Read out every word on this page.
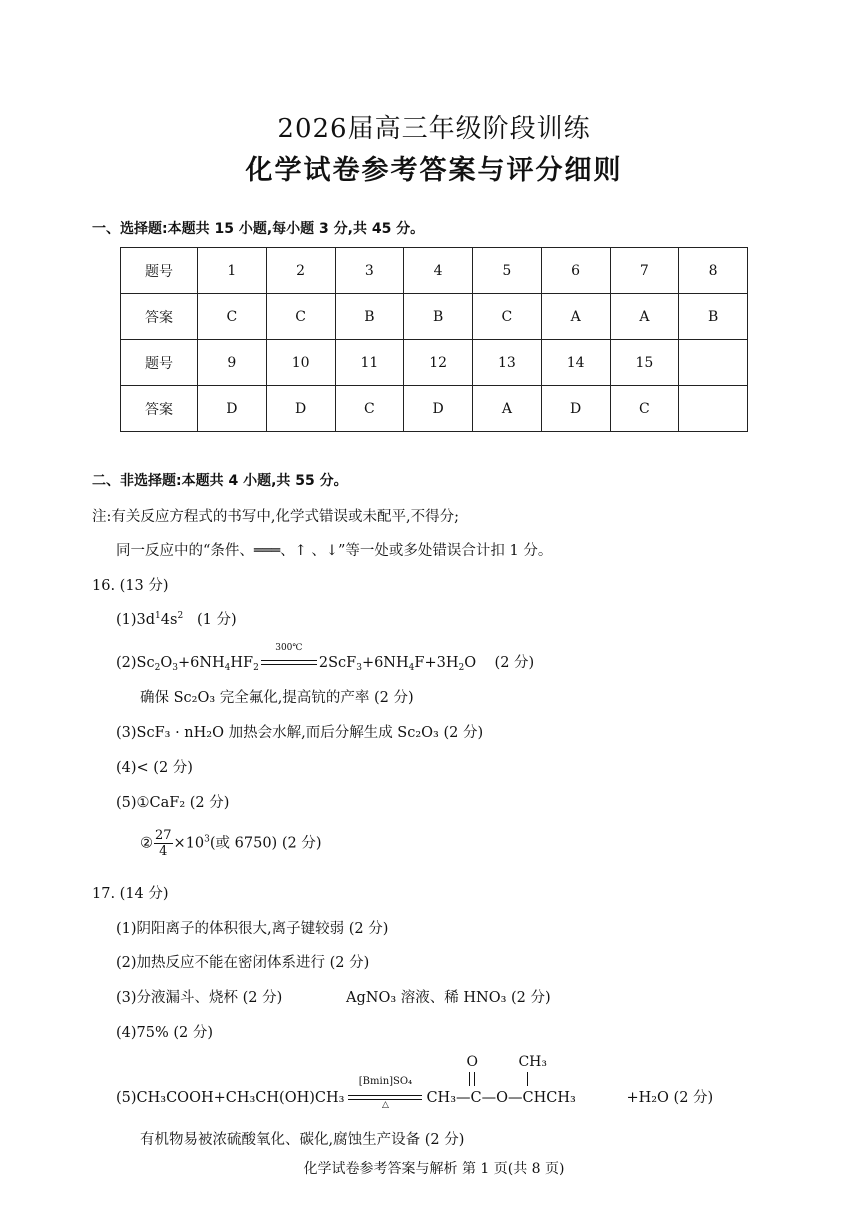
2026届高三年级阶段训练
化学试卷参考答案与评分细则
一、选择题:本题共 15 小题,每小题 3 分,共 45 分。
题号	1	2	3	4	5	6	7	8
答案	C	C	B	B	C	A	A	B
题号	9	10	11	12	13	14	15	
答案	D	D	C	D	A	D	C	
二、非选择题:本题共 4 小题,共 55 分。
注:有关反应方程式的书写中,化学式错误或未配平,不得分;
同一反应中的“条件、═══、↑ 、↓”等一处或多处错误合计扣 1 分。
16. (13 分)
$(1)3d^14s^2$ (1 分)
$(2)Sc_2O_3+6NH_4HF_2$
300℃
$2ScF_3+6NH_4F+3H_2O$    (2 分)
确保 Sc₂O₃ 完全氟化,提高钪的产率 (2 分)
(3)ScF₃ · nH₂O 加热会水解,而后分解生成 Sc₂O₃ (2 分)
(4)< (2 分)
(5)①CaF₂ (2 分)
② $\frac{27}{4} \times 10^3$(或 6750) (2 分)
17. (14 分)
(1)阴阳离子的体积很大,离子键较弱 (2 分)
(2)加热反应不能在密闭体系进行 (2 分)
(3)分液漏斗、烧杯 (2 分)	AgNO₃ 溶液、稀 HNO₃ (2 分)
(4)75% (2 分)
(5)CH₃COOH+CH₃CH(OH)CH₃
[Bmin]SO₄
△
O	CH₃
CH₃—C—O—CHCH₃	+H₂O (2 分)
有机物易被浓硫酸氧化、碳化,腐蚀生产设备 (2 分)
化学试卷参考答案与解析 第 1 页(共 8 页)
